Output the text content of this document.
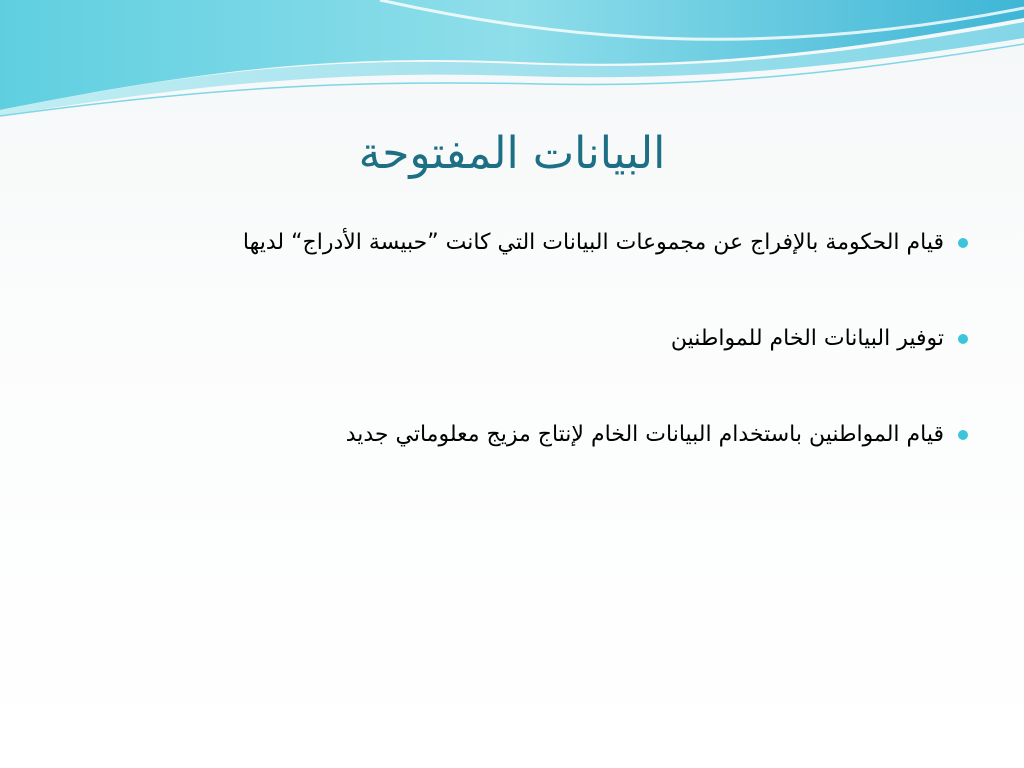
البيانات المفتوحة
قيام الحكومة بالإفراج عن مجموعات البيانات التي كانت ”حبيسة الأدراج“ لديها
توفير البيانات الخام للمواطنين
قيام المواطنين باستخدام البيانات الخام لإنتاج مزيج معلوماتي جديد
